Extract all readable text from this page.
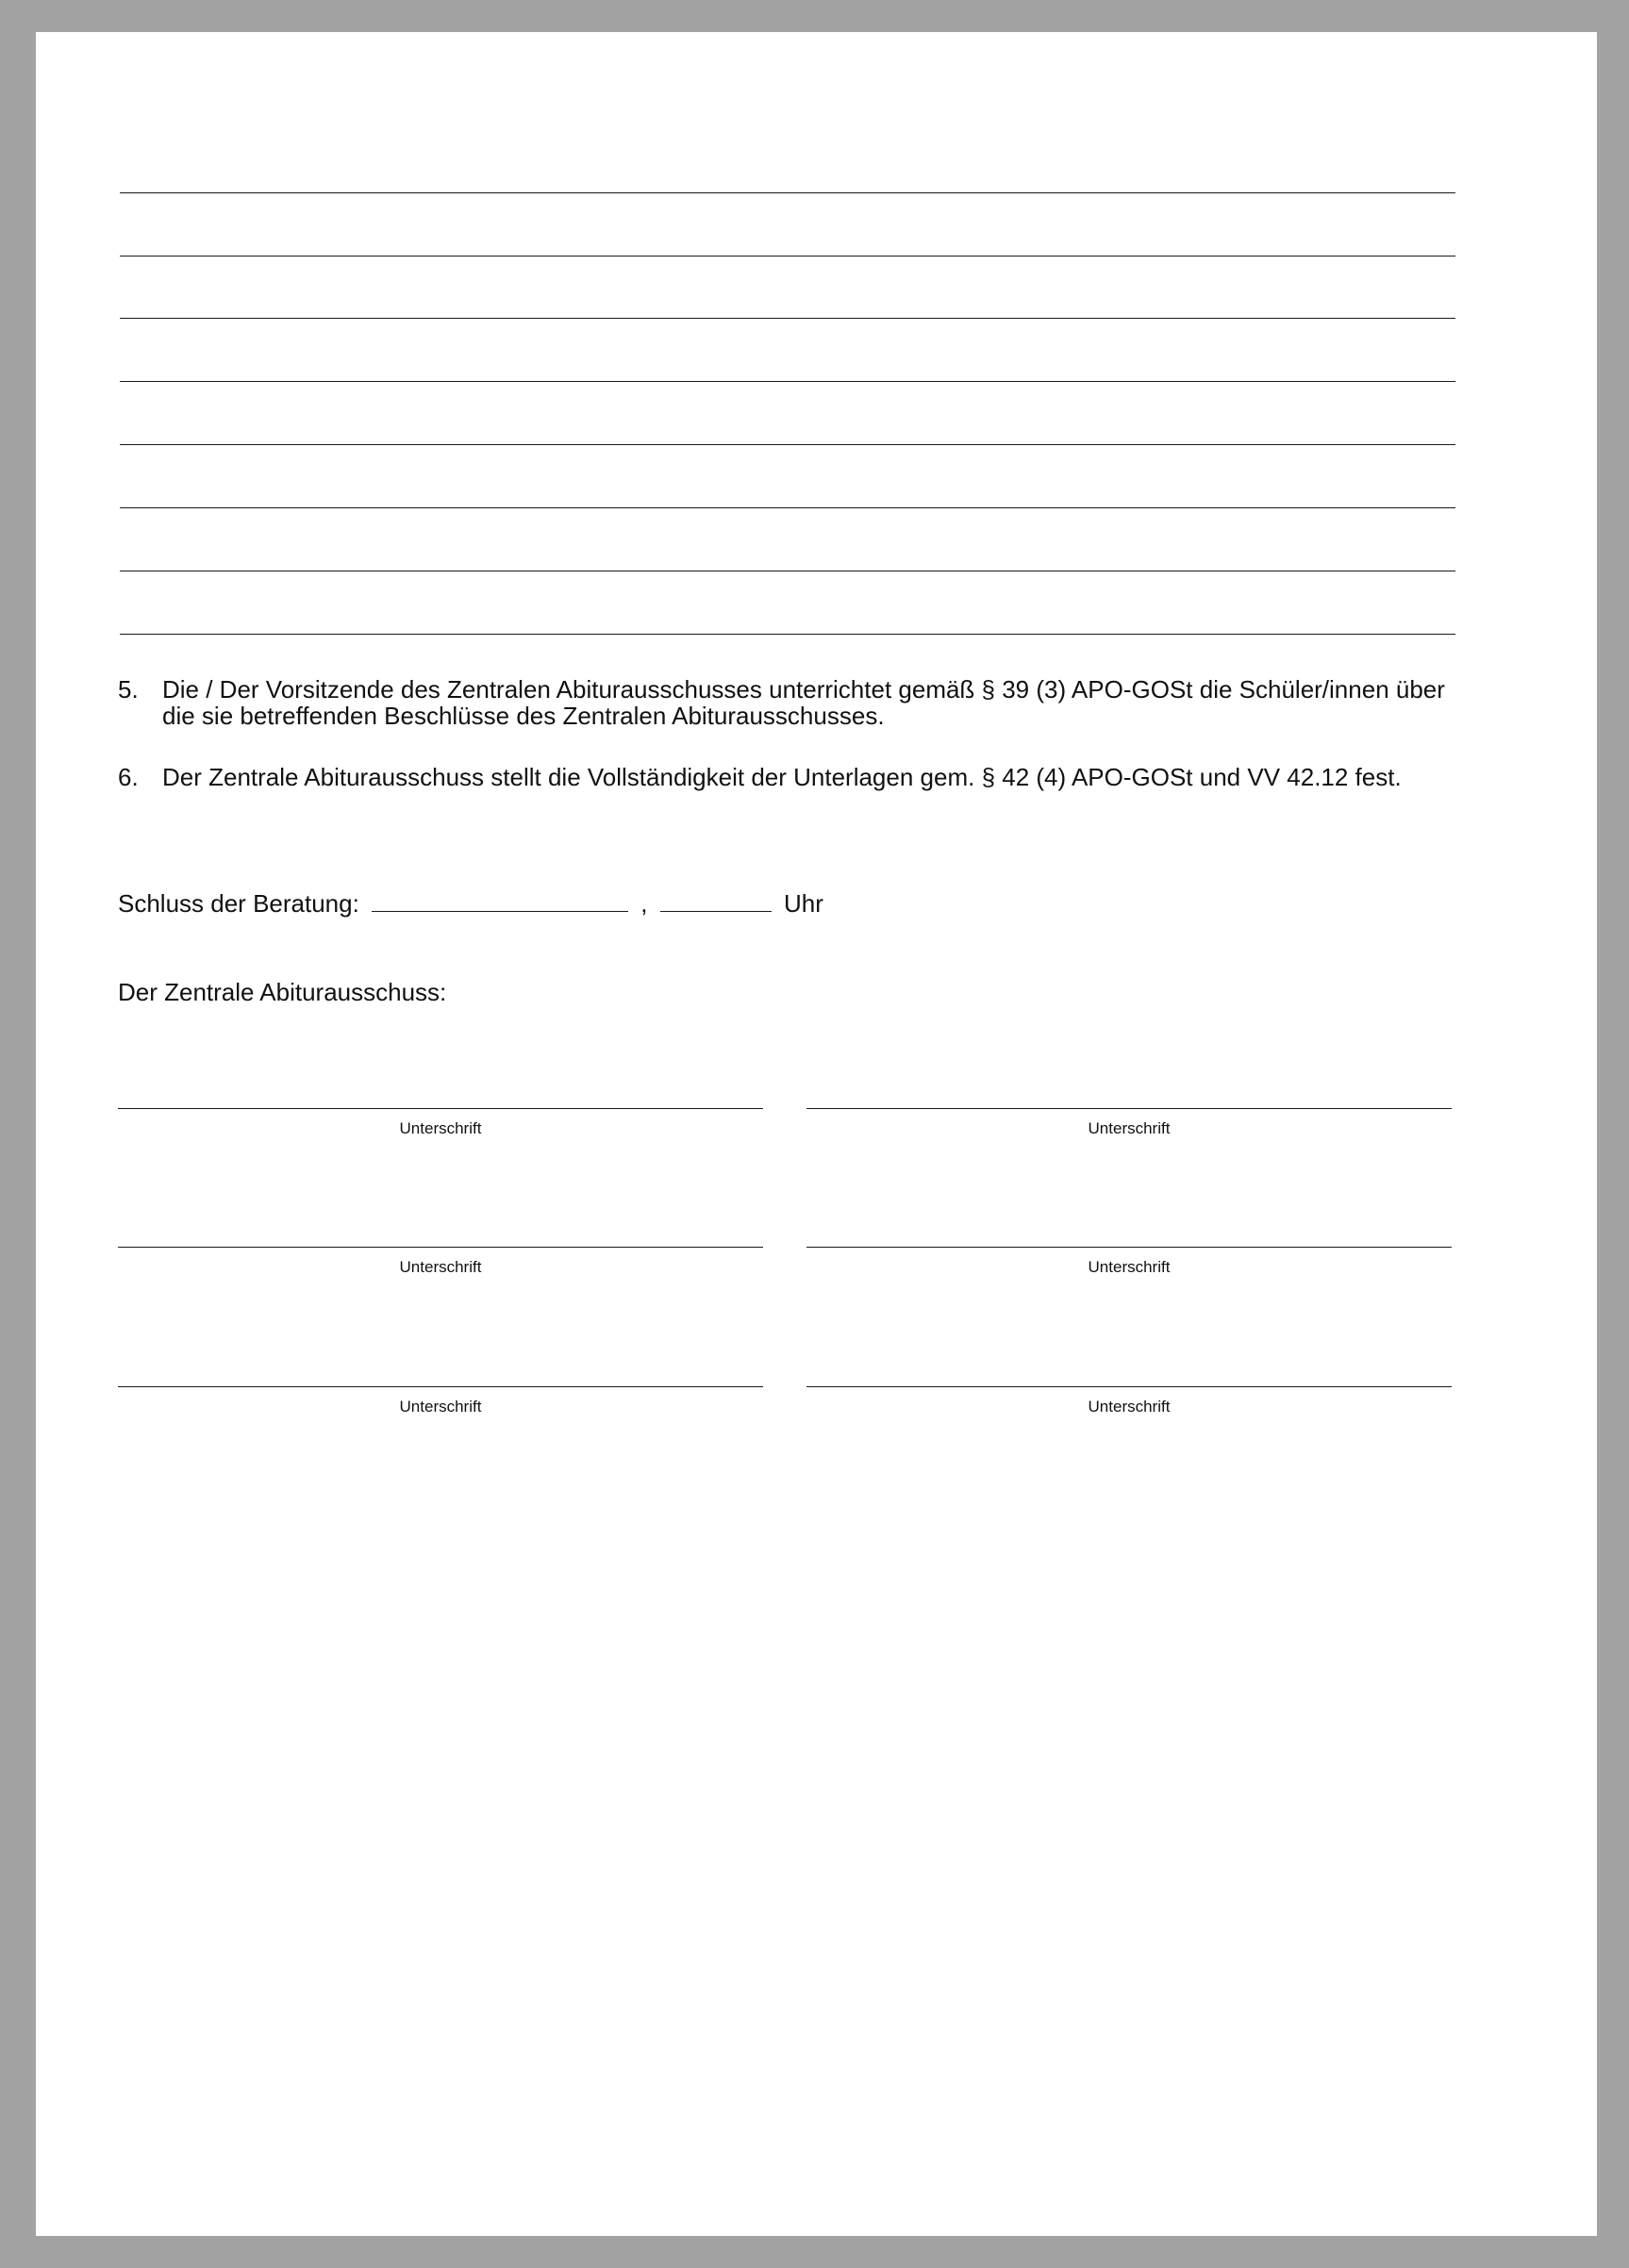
5. Die / Der Vorsitzende des Zentralen Abiturausschusses unterrichtet gemäß § 39 (3) APO-GOSt die Schüler/innen über
die sie betreffenden Beschlüsse des Zentralen Abiturausschusses.
6. Der Zentrale Abiturausschuss stellt die Vollständigkeit der Unterlagen gem. § 42 (4) APO-GOSt und VV 42.12 fest.
Schluss der Beratung:	,	Uhr
Der Zentrale Abiturausschuss:
Unterschrift
Unterschrift
Unterschrift
Unterschrift
Unterschrift
Unterschrift
